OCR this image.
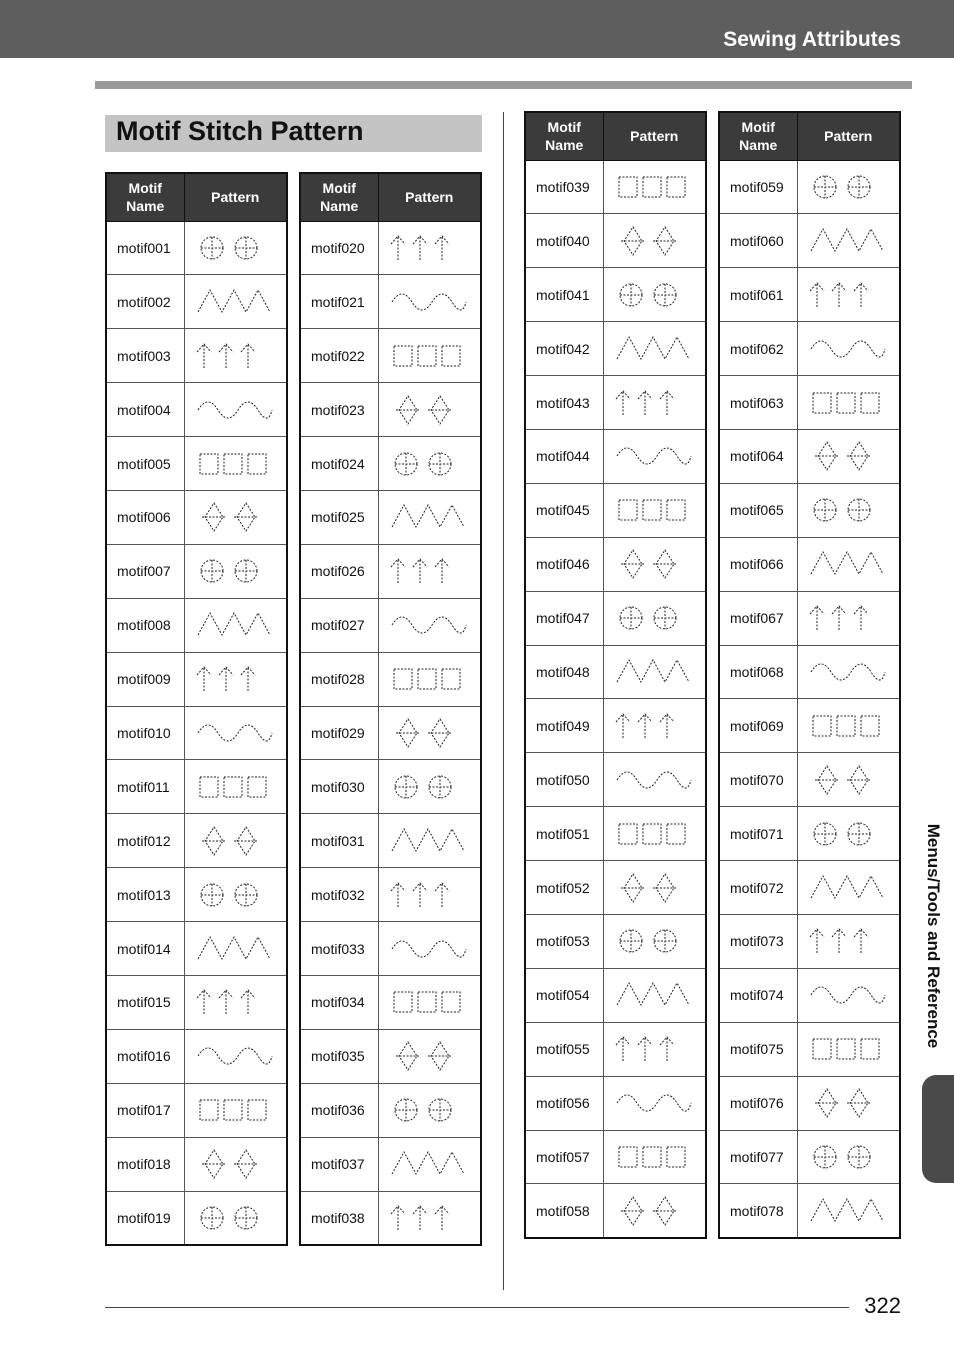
Sewing Attributes
Motif Stitch Pattern
Motif
Name	Pattern
motif001	

motif002	

motif003	

motif004	

motif005	

motif006	

motif007	

motif008	

motif009	

motif010	

motif011	

motif012	

motif013	

motif014	

motif015	

motif016	

motif017	

motif018	

motif019	
Motif
Name	Pattern
motif020	

motif021	

motif022	

motif023	

motif024	

motif025	

motif026	

motif027	

motif028	

motif029	

motif030	

motif031	

motif032	

motif033	

motif034	

motif035	

motif036	

motif037	

motif038	
Motif
Name	Pattern
motif039	

motif040	

motif041	

motif042	

motif043	

motif044	

motif045	

motif046	

motif047	

motif048	

motif049	

motif050	

motif051	

motif052	

motif053	

motif054	

motif055	

motif056	

motif057	

motif058	
Motif
Name	Pattern
motif059	

motif060	

motif061	

motif062	

motif063	

motif064	

motif065	

motif066	

motif067	

motif068	

motif069	

motif070	

motif071	

motif072	

motif073	

motif074	

motif075	

motif076	

motif077	

motif078	
Menus/Tools and Reference
322
